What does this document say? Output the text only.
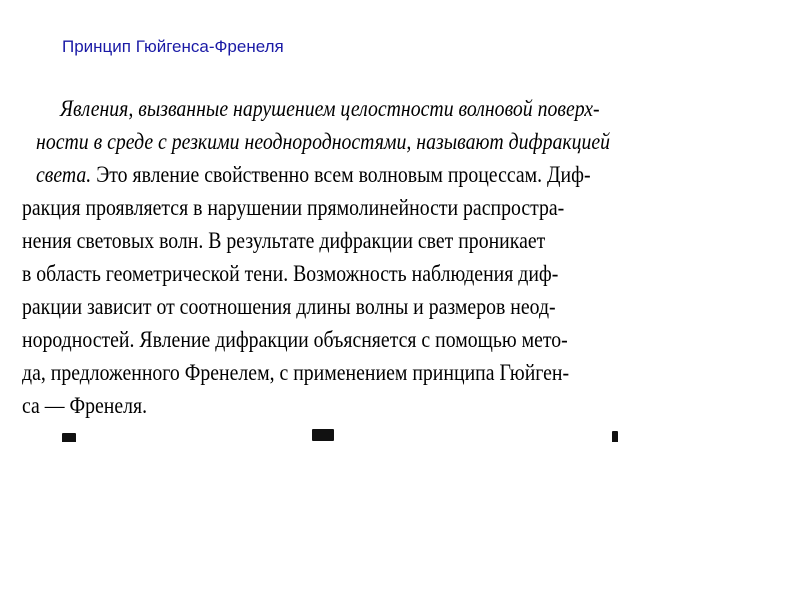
Принцип Гюйгенса-Френеля

Явления, вызванные нарушением целостности волновой поверх-

ности в среде с резкими неоднородностями, называют дифракцией

света. Это явление свойственно всем волновым процессам. Диф-

ракция проявляется в нарушении прямолинейности распростра-

нения световых волн. В результате дифракции свет проникает

в область геометрической тени. Возможность наблюдения диф-

ракции зависит от соотношения длины волны и размеров неод-

нородностей. Явление дифракции объясняется с помощью мето-

да, предложенного Френелем, с применением принципа Гюйген-

са — Френеля.
